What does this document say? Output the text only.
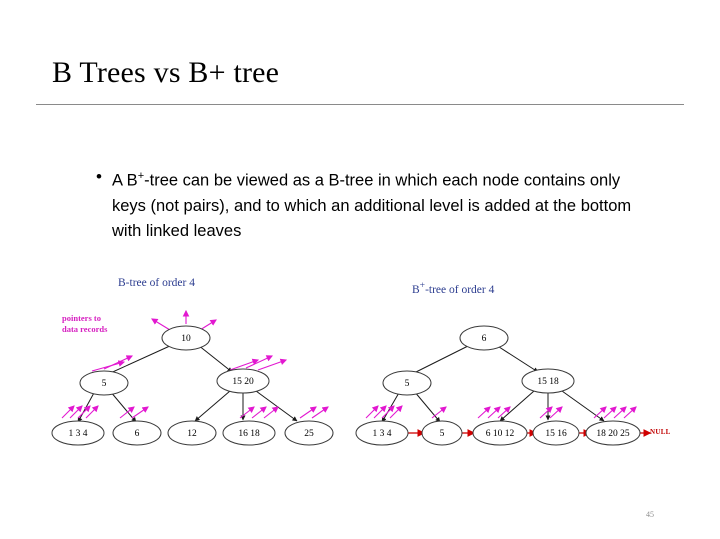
B Trees vs B+ tree
• A B+-tree can be viewed as a B-tree in which each node contains only keys (not pairs), and to which an additional level is added at the bottom with linked leaves
B-tree of order 4
B+-tree of order 4
pointers to
data records
10
5	15 20
1 3 4	6	12	16 18	25
6
5	15 18
1 3 4	5	6 10 12	15 16	18 20 25	NULL
45
